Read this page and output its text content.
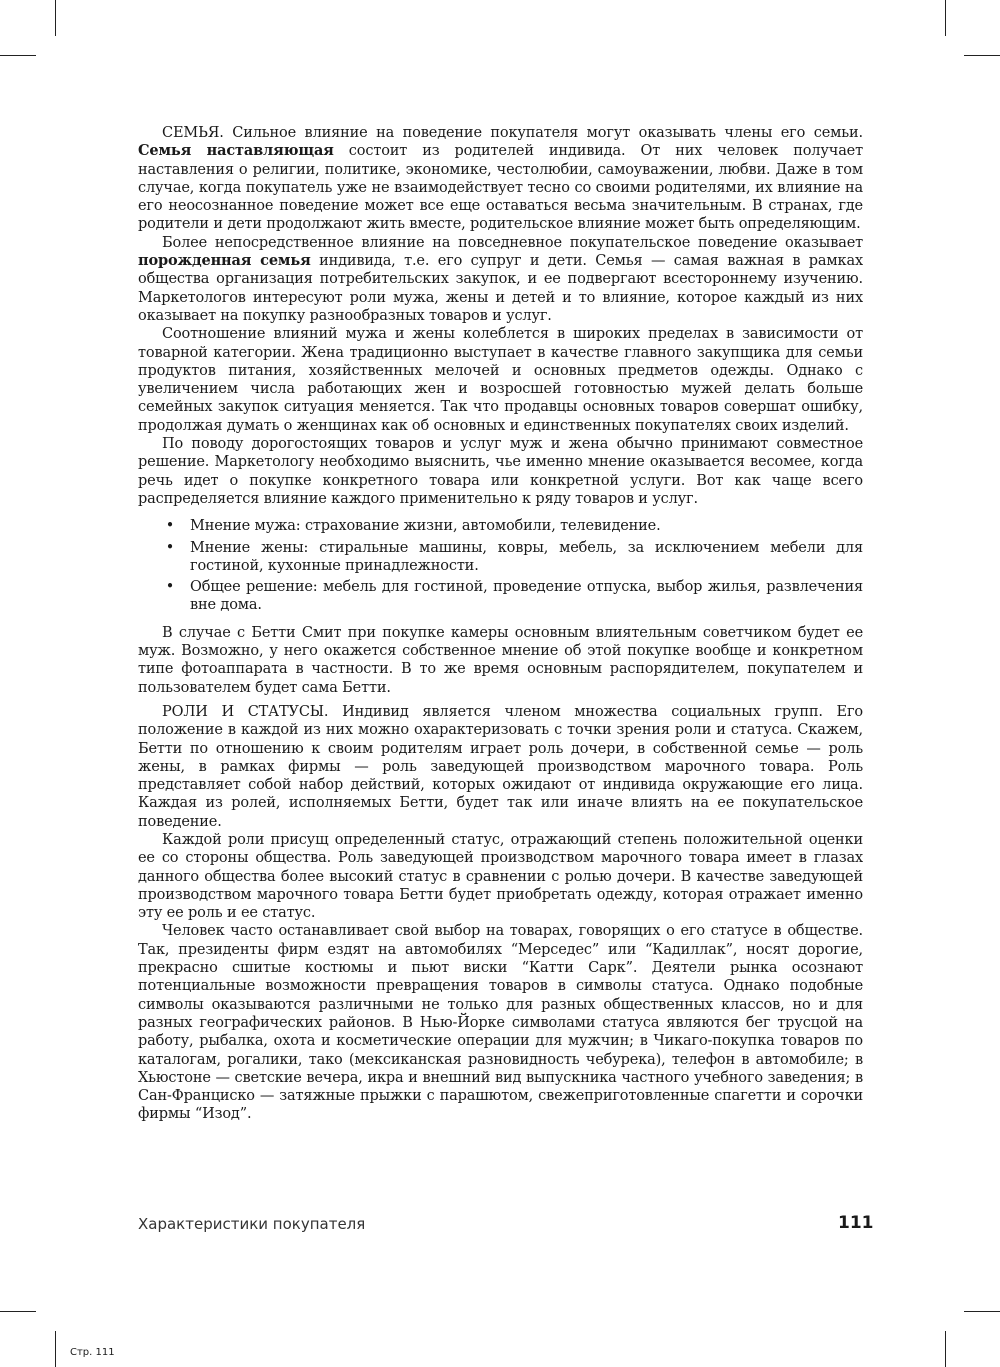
СЕМЬЯ. Сильное влияние на поведение покупателя могут оказывать члены его семьи. Семья наставляющая состоит из родителей индивида. От них человек получает наставления о религии, политике, экономике, честолюбии, самоуважении, любви. Даже в том случае, когда покупатель уже не взаимодействует тесно со своими родителями, их влияние на его неосознанное поведение может все еще оставаться весьма значительным. В странах, где родители и дети продолжают жить вместе, родительское влияние может быть определяющим.

Более непосредственное влияние на повседневное покупательское поведение оказывает порожденная семья индивида, т.е. его супруг и дети. Семья — самая важная в рамках общества организация потребительских закупок, и ее подвергают всестороннему изучению. Маркетологов интересуют роли мужа, жены и детей и то влияние, которое каждый из них оказывает на покупку разнообразных товаров и услуг.

Соотношение влияний мужа и жены колеблется в широких пределах в зависимости от товарной категории. Жена традиционно выступает в качестве главного закупщика для семьи продуктов питания, хозяйственных мелочей и основных предметов одежды. Однако с увеличением числа работающих жен и возросшей готовностью мужей делать больше семейных закупок ситуация меняется. Так что продавцы основных товаров совершат ошибку, продолжая думать о женщинах как об основных и единственных покупателях своих изделий.

По поводу дорогостоящих товаров и услуг муж и жена обычно принимают совместное решение. Маркетологу необходимо выяснить, чье именно мнение оказывается весомее, когда речь идет о покупке конкретного товара или конкретной услуги. Вот как чаще всего распределяется влияние каждого применительно к ряду товаров и услуг.

• Мнение мужа: страхование жизни, автомобили, телевидение.
• Мнение жены: стиральные машины, ковры, мебель, за исключением мебели для гостиной, кухонные принадлежности.
• Общее решение: мебель для гостиной, проведение отпуска, выбор жилья, развлечения вне дома.

В случае с Бетти Смит при покупке камеры основным влиятельным советчиком будет ее муж. Возможно, у него окажется собственное мнение об этой покупке вообще и конкретном типе фотоаппарата в частности. В то же время основным распорядителем, покупателем и пользователем будет сама Бетти.

РОЛИ И СТАТУСЫ. Индивид является членом множества социальных групп. Его положение в каждой из них можно охарактеризовать с точки зрения роли и статуса. Скажем, Бетти по отношению к своим родителям играет роль дочери, в собственной семье — роль жены, в рамках фирмы — роль заведующей производством марочного товара. Роль представляет собой набор действий, которых ожидают от индивида окружающие его лица. Каждая из ролей, исполняемых Бетти, будет так или иначе влиять на ее покупательское поведение.

Каждой роли присущ определенный статус, отражающий степень положительной оценки ее со стороны общества. Роль заведующей производством марочного товара имеет в глазах данного общества более высокий статус в сравнении с ролью дочери. В качестве заведующей производством марочного товара Бетти будет приобретать одежду, которая отражает именно эту ее роль и ее статус.

Человек часто останавливает свой выбор на товарах, говорящих о его статусе в обществе. Так, президенты фирм ездят на автомобилях “Мерседес” или “Кадиллак”, носят дорогие, прекрасно сшитые костюмы и пьют виски “Катти Сарк”. Деятели рынка осознают потенциальные возможности превращения товаров в символы статуса. Однако подобные символы оказываются различными не только для разных общественных классов, но и для разных географических районов. В Нью-Йорке символами статуса являются бег трусцой на работу, рыбалка, охота и косметические операции для мужчин; в Чикаго-покупка товаров по каталогам, рогалики, тако (мексиканская разновидность чебурека), телефон в автомобиле; в Хьюстоне — светские вечера, икра и внешний вид выпускника частного учебного заведения; в Сан-Франциско — затяжные прыжки с парашютом, свежеприготовленные спагетти и сорочки фирмы “Изод”.

Характеристики покупателя	111
Стр. 111
